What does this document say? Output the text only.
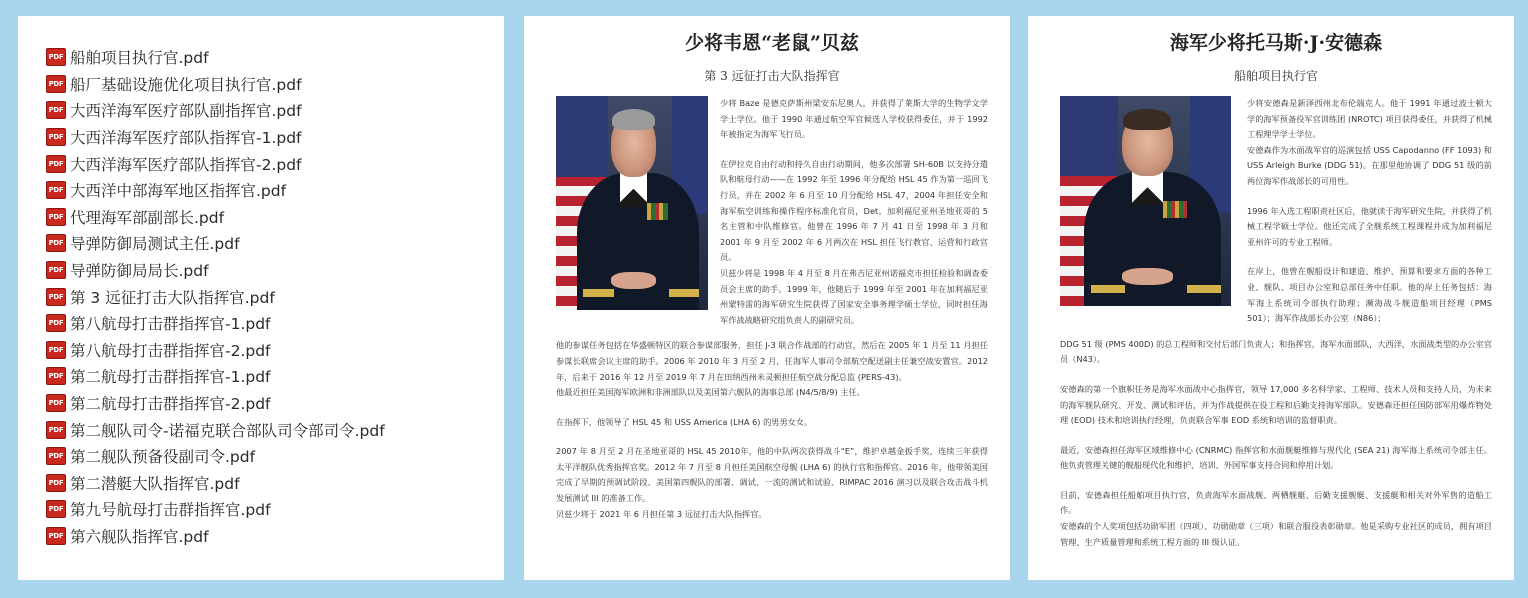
PDF 船舶项目执行官.pdf
PDF 船厂基础设施优化项目执行官.pdf
PDF 大西洋海军医疗部队副指挥官.pdf
PDF 大西洋海军医疗部队指挥官-1.pdf
PDF 大西洋海军医疗部队指挥官-2.pdf
PDF 大西洋中部海军地区指挥官.pdf
PDF 代理海军部副部长.pdf
PDF 导弹防御局测试主任.pdf
PDF 导弹防御局局长.pdf
PDF 第 3 远征打击大队指挥官.pdf
PDF 第八航母打击群指挥官-1.pdf
PDF 第八航母打击群指挥官-2.pdf
PDF 第二航母打击群指挥官-1.pdf
PDF 第二航母打击群指挥官-2.pdf
PDF 第二舰队司令-诺福克联合部队司令部司令.pdf
PDF 第二舰队预备役副司令.pdf
PDF 第二潜艇大队指挥官.pdf
PDF 第九号航母打击群指挥官.pdf
PDF 第六舰队指挥官.pdf
少将韦恩“老鼠”贝兹
第 3 远征打击大队指挥官

少将 Baze 是德克萨斯州梁安东尼奥人，并获得了莱斯大学的生物学文学学士学位。他于 1990 年通过航空军官候选人学校获得委任，并于 1992 年被指定为海军飞行员。

在伊拉克自由行动和持久自由行动期间，他多次部署 SH-60B 以支持分遣队和航母行动——在 1992 年至 1996 年分配给 HSL 45 作为第一巡回飞行员，并在 2002 年 6 月至 10 月分配给 HSL 47，2004 年担任安全和海军航空训练和操作程序标准化官员，Det。加利福尼亚州圣地亚哥的 5 名主管和中队维修官。他曾在 1996 年 7 月 41 日至 1998 年 3 月和 2001 年 9 月至 2002 年 6 月两次在 HSL 担任飞行教官、运营和行政官员。

贝兹少将是 1998 年 4 月至 8 月在弗吉尼亚州诺福克市担任检验和调查委员会主席的助手。1999 年，他随后于 1999 年至 2001 年在加利福尼亚州蒙特雷的海军研究生院获得了国家安全事务理学硕士学位，同时担任海军作战战略研究组负责人的副研究员。

他的参谋任务包括在华盛顿特区的联合参谋部服务，担任 J-3 联合作战部的行动官，然后在 2005 年 1 月至 11 月担任参谋长联席会议主席的助手。2006 年 2010 年 3 月至 2 月，任海军人事司令部航空配送副主任兼空战安置官。2012 年，后来于 2016 年 12 月至 2019 年 7 月在田纳西州米灵顿担任航空战分配总监 (PERS-43)。

他最近担任美国海军欧洲和非洲部队以及美国第六舰队的海事总部 (N4/5/8/9) 主任。

在指挥下，他领导了 HSL 45 和 USS America (LHA 6) 的男男女女。

2007 年 8 月至 2 月在圣地亚哥的 HSL 45 2010年，他的中队两次获得战斗“E”，维护卓越金扳手奖，连续三年获得太平洋舰队优秀指挥官奖。2012 年 7 月至 8 月担任美国航空母舰 (LHA 6) 的执行官和指挥官。2016 年，他带领美国完成了早期的预调试阶段、美国第四舰队的部署、调试、一流的测试和试验、RIMPAC 2016 演习以及联合攻击战斗机发展测试 III 的准备工作。

贝兹少将于 2021 年 6 月担任第 3 远征打击大队指挥官。

海军少将托马斯·J·安德森
船舶项目执行官

少将安德森是新泽西州北布伦瑞克人。他于 1991 年通过波士顿大学的海军预备役军官训练团 (NROTC) 项目获得委任，并获得了机械工程理学学士学位。

安德森作为水面战军官的巡演包括 USS Capodanno (FF 1093) 和 USS Arleigh Burke (DDG 51)。在那里他协调了 DDG 51 级的前两位海军作战部长的可用性。

1996 年入选工程职责社区后，他就读于海军研究生院，并获得了机械工程学硕士学位。他还完成了全舰系统工程课程并成为加利福尼亚州许可的专业工程师。

在岸上，他曾在舰船设计和建造、维护、预算和要求方面的各种工业、舰队、项目办公室和总部任务中任职。他的岸上任务包括：海军海上系统司令部执行助理；濒海战斗舰造船项目经理（PMS 501）；海军作战部长办公室（N86）；

DDG 51 级 (PMS 400D) 的总工程师和交付后部门负责人；和指挥官，海军水面部队，大西洋，水面战类型的办公室官员（N43）。

安德森的第一个旗帜任务是海军水面战中心指挥官，领导 17,000 多名科学家、工程师、技术人员和支持人员，为未来的海军舰队研究、开发、测试和评估，并为作战提供在役工程和后勤支持海军部队。安德森还担任国防部军用爆炸物处理 (EOD) 技术和培训执行经理，负责联合军事 EOD 系统和培训的监督职责。

最近，安德森担任海军区域维修中心 (CNRMC) 指挥官和水面舰艇维修与现代化 (SEA 21) 海军海上系统司令部主任。他负责管理关键的舰船现代化和维护、培训、外国军事支持合同和停用计划。

目前，安德森担任船舶项目执行官，负责海军水面战舰、两栖舰艇、后勤支援舰艇、支援艇和相关对外军售的造船工作。

安德森的个人奖项包括功勋军团（四项）、功勋勋章（三项）和联合服役表彰勋章。他是采购专业社区的成员，拥有项目管理、生产质量管理和系统工程方面的 III 级认证。
